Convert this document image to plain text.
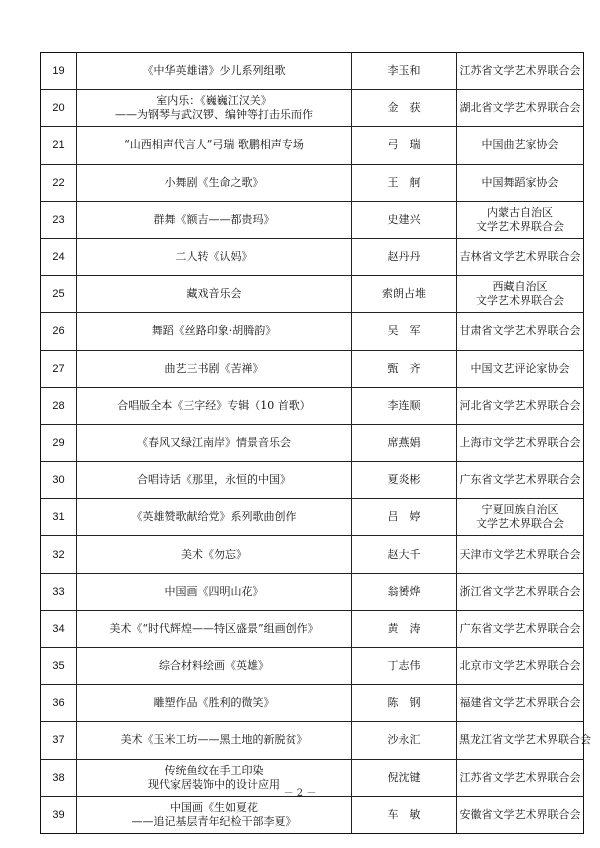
19	《中华英雄谱》少儿系列组歌	李玉和	江苏省文学艺术界联合会

20	室内乐：《巍巍江汉关》
——为钢琴与武汉锣、编钟等打击乐而作	金　获	湖北省文学艺术界联合会

21	“山西相声代言人”弓瑞 歌鹏相声专场	弓　瑞	中国曲艺家协会

22	小舞剧《生命之歌》	王　舸	中国舞蹈家协会

23	群舞《额吉——都贵玛》	史建兴	内蒙古自治区
文学艺术界联合会

24	二人转《认妈》	赵丹丹	吉林省文学艺术界联合会

25	藏戏音乐会	索朗占堆	西藏自治区
文学艺术界联合会

26	舞蹈《丝路印象·胡腾韵》	吴　军	甘肃省文学艺术界联合会

27	曲艺三书剧《苦禅》	甄　齐	中国文艺评论家协会

28	合唱版全本《三字经》专辑（10 首歌）	李连顺	河北省文学艺术界联合会

29	《春风又绿江南岸》情景音乐会	席燕娟	上海市文学艺术界联合会

30	合唱诗话《那里，永恒的中国》	夏炎彬	广东省文学艺术界联合会

31	《英雄赞歌献给党》系列歌曲创作	吕　婷	宁夏回族自治区
文学艺术界联合会

32	美术《勿忘》	赵大千	天津市文学艺术界联合会

33	中国画《四明山花》	翁赟烨	浙江省文学艺术界联合会

34	美术《“时代辉煌——特区盛景”组画创作》	黄　涛	广东省文学艺术界联合会

35	综合材料绘画《英雄》	丁志伟	北京市文学艺术界联合会

36	雕塑作品《胜利的微笑》	陈　钢	福建省文学艺术界联合会

37	美术《玉米工坊——黑土地的新脱贫》	沙永汇	黑龙江省文学艺术界联合会

38	传统鱼纹在手工印染
现代家居装饰中的设计应用	倪沈键	江苏省文学艺术界联合会

39	中国画《生如夏花
——追记基层青年纪检干部李夏》	车　敏	安徽省文学艺术界联合会
－ 2 －
